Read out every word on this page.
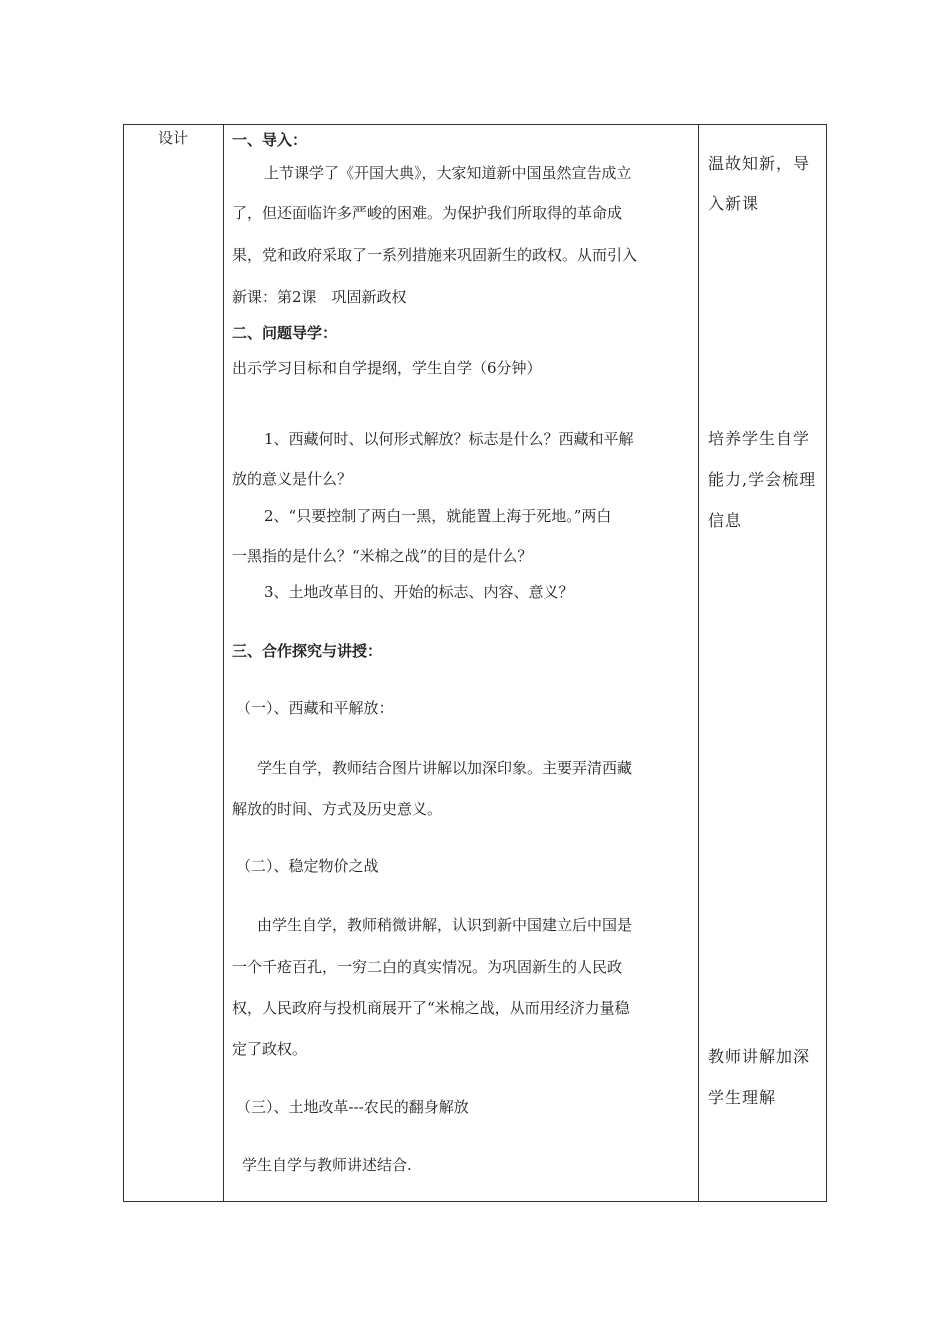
设计	一、导入：
上节课学了《开国大典》，大家知道新中国虽然宣告成立
了，但还面临许多严峻的困难。为保护我们所取得的革命成
果，党和政府采取了一系列措施来巩固新生的政权。从而引入
新课：第2课　巩固新政权
二、问题导学：
出示学习目标和自学提纲，学生自学（6分钟）
1、西藏何时、以何形式解放？标志是什么？西藏和平解
放的意义是什么？
2、“只要控制了两白一黑，就能置上海于死地。”两白
一黑指的是什么？“米棉之战”的目的是什么？
3、土地改革目的、开始的标志、内容、意义？
三、合作探究与讲授：
（一）、西藏和平解放：
学生自学，教师结合图片讲解以加深印象。主要弄清西藏
解放的时间、方式及历史意义。
（二）、稳定物价之战
由学生自学，教师稍微讲解，认识到新中国建立后中国是
一个千疮百孔，一穷二白的真实情况。为巩固新生的人民政
权，人民政府与投机商展开了“米棉之战，从而用经济力量稳
定了政权。
（三）、土地改革---农民的翻身解放
学生自学与教师讲述结合.
温故知新，导
入新课
培养学生自学
能力,学会梳理
信息
教师讲解加深
学生理解
